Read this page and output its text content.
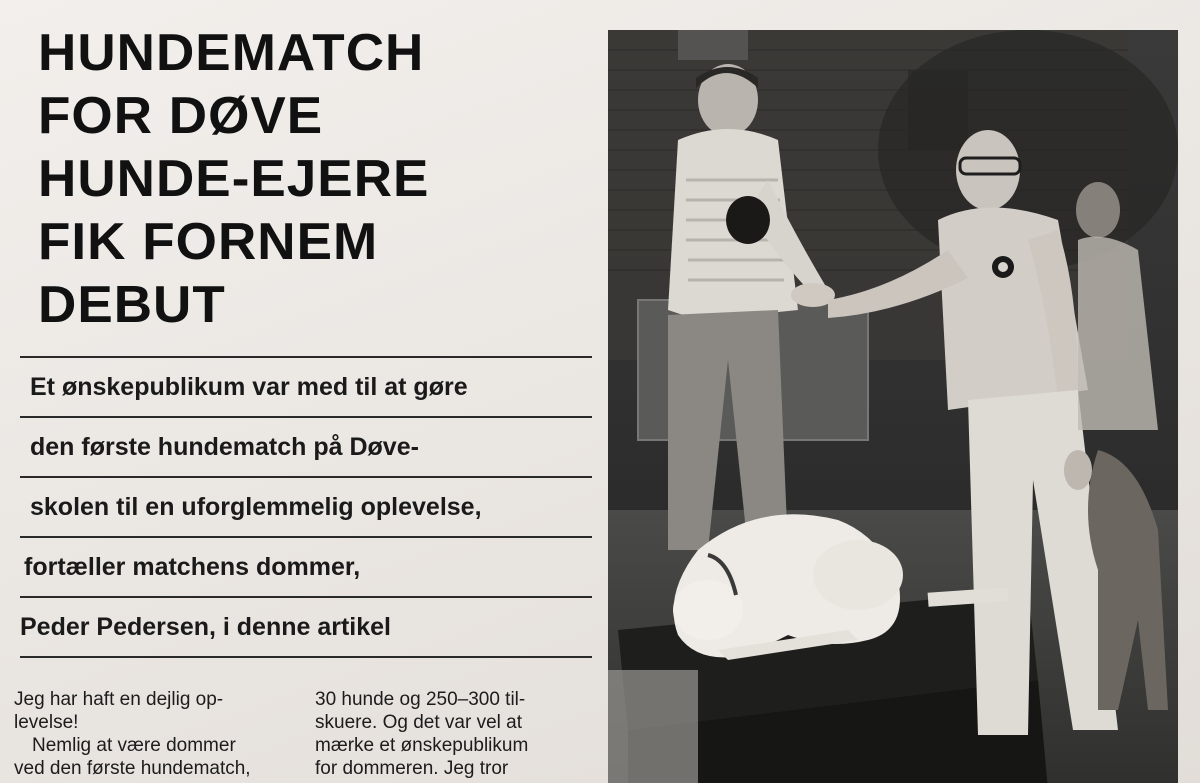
HUNDEMATCH
FOR DØVE
HUNDE-EJERE
FIK FORNEM
DEBUT
Et ønskepublikum var med til at gøre
den første hundematch på Døve-
skolen til en uforglemmelig oplevelse,
fortæller matchens dommer,
Peder Pedersen, i denne artikel
Jeg har haft en dejlig op-
levelse!
Nemlig at være dommer
ved den første hundematch,
30 hunde og 250–300 til-
skuere. Og det var vel at
mærke et ønskepublikum
for dommeren. Jeg tror
